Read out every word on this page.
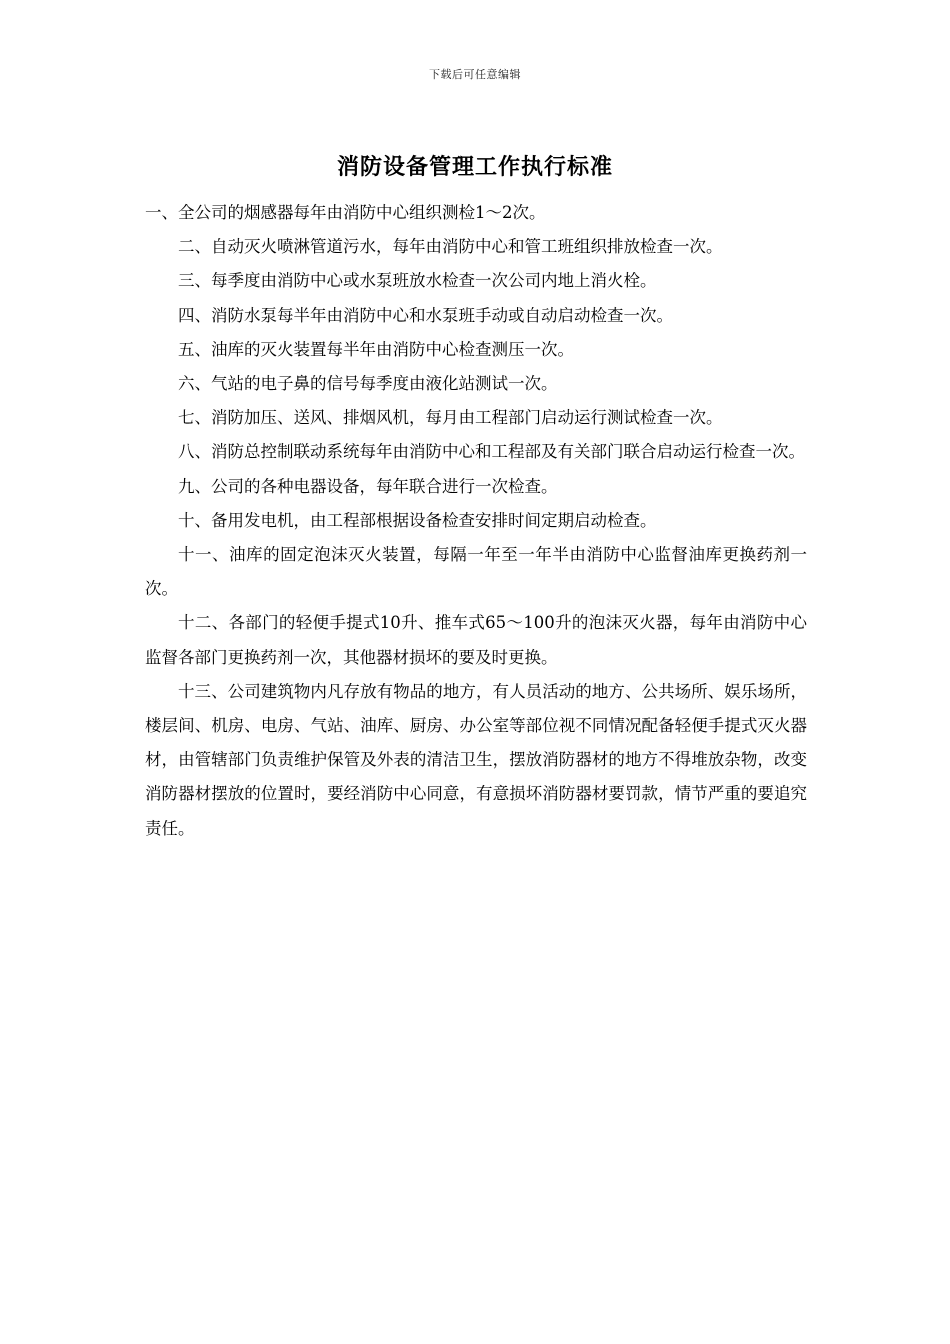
下载后可任意编辑
消防设备管理工作执行标准

一、全公司的烟感器每年由消防中心组织测检1～2次。

二、自动灭火喷淋管道污水，每年由消防中心和管工班组织排放检查一次。

三、每季度由消防中心或水泵班放水检查一次公司内地上消火栓。

四、消防水泵每半年由消防中心和水泵班手动或自动启动检查一次。

五、油库的灭火装置每半年由消防中心检查测压一次。

六、气站的电子鼻的信号每季度由液化站测试一次。

七、消防加压、送风、排烟风机，每月由工程部门启动运行测试检查一次。

八、消防总控制联动系统每年由消防中心和工程部及有关部门联合启动运行检查一次。

九、公司的各种电器设备，每年联合进行一次检查。

十、备用发电机，由工程部根据设备检查安排时间定期启动检查。

十一、油库的固定泡沫灭火装置，每隔一年至一年半由消防中心监督油库更换药剂一次。

十二、各部门的轻便手提式10升、推车式65～100升的泡沫灭火器，每年由消防中心监督各部门更换药剂一次，其他器材损坏的要及时更换。

十三、公司建筑物内凡存放有物品的地方，有人员活动的地方、公共场所、娱乐场所，楼层间、机房、电房、气站、油库、厨房、办公室等部位视不同情况配备轻便手提式灭火器材，由管辖部门负责维护保管及外表的清洁卫生，摆放消防器材的地方不得堆放杂物，改变消防器材摆放的位置时，要经消防中心同意，有意损坏消防器材要罚款，情节严重的要追究责任。
